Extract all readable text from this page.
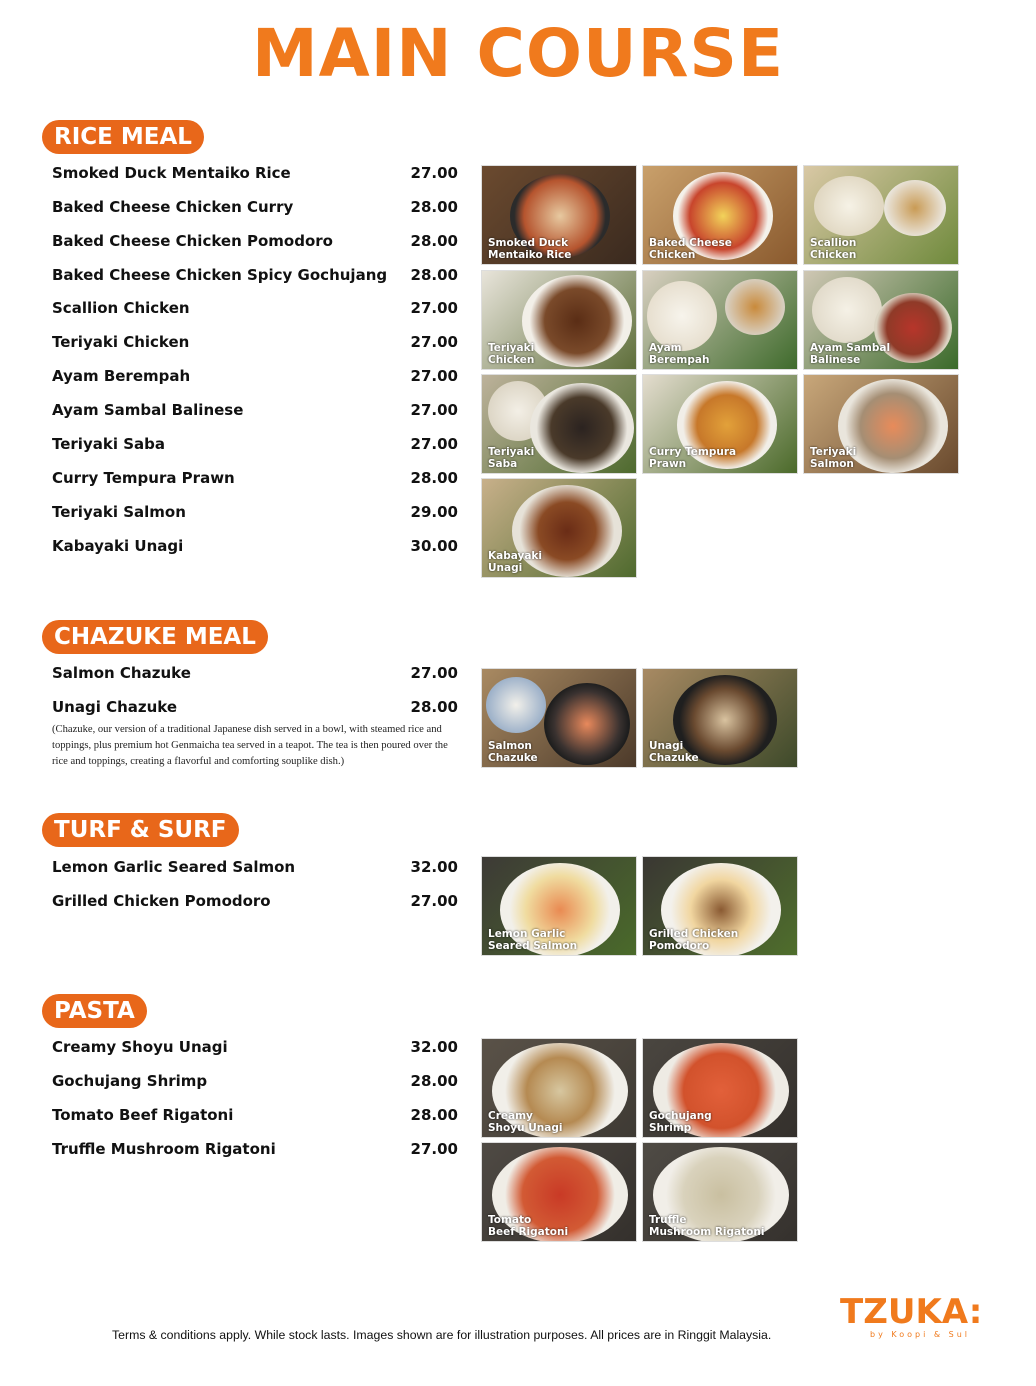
MAIN COURSE
RICE MEAL
Smoked Duck Mentaiko Rice	27.00
Baked Cheese Chicken Curry	28.00
Baked Cheese Chicken Pomodoro	28.00
Baked Cheese Chicken Spicy Gochujang 28.00
Scallion Chicken	27.00
Teriyaki Chicken	27.00
Ayam Berempah	27.00
Ayam Sambal Balinese	27.00
Teriyaki Saba	27.00
Curry Tempura Prawn	28.00
Teriyaki Salmon	29.00
Kabayaki Unagi	30.00
Smoked Duck
Mentaiko Rice
Baked Cheese
Chicken
Scallion
Chicken
Teriyaki
Chicken
Ayam
Berempah
Ayam Sambal
Balinese
Teriyaki
Saba
Curry Tempura
Prawn
Teriyaki
Salmon
Kabayaki
Unagi
CHAZUKE MEAL
Salmon Chazuke	27.00
Unagi Chazuke	28.00
(Chazuke, our version of a traditional Japanese dish served in a bowl, with steamed rice and toppings, plus premium hot Genmaicha tea served in a teapot. The tea is then poured over the rice and toppings, creating a flavorful and comforting souplike dish.)
Salmon
Chazuke
Unagi
Chazuke
TURF & SURF
Lemon Garlic Seared Salmon	32.00
Grilled Chicken Pomodoro	27.00
Lemon Garlic
Seared Salmon
Grilled Chicken
Pomodoro
PASTA
Creamy Shoyu Unagi	32.00
Gochujang Shrimp	28.00
Tomato Beef Rigatoni	28.00
Truffle Mushroom Rigatoni	27.00
Creamy
Shoyu Unagi
Gochujang
Shrimp
Tomato
Beef Rigatoni
Truffle
Mushroom Rigatoni
Terms & conditions apply. While stock lasts. Images shown are for illustration purposes. All prices are in Ringgit Malaysia.
TZUKA:
by Koopi & Sul
